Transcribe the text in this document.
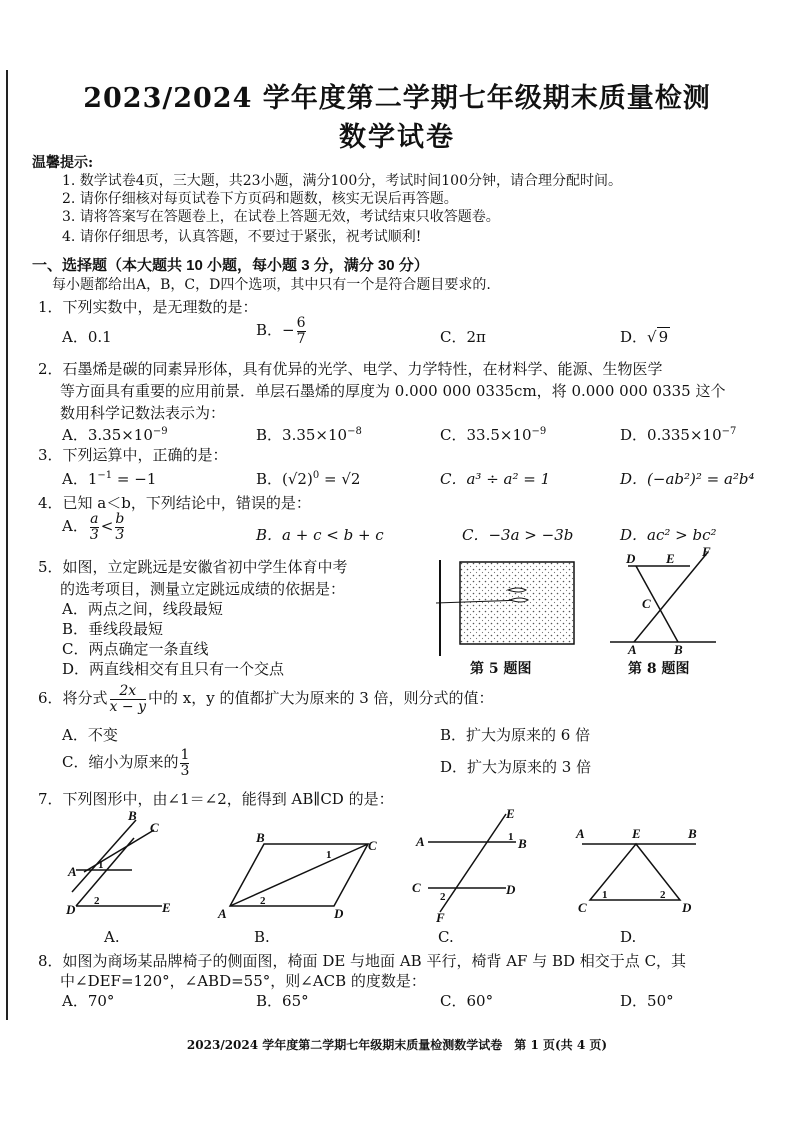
2023/2024 学年度第二学期七年级期末质量检测
数学试卷
温馨提示:
1. 数学试卷4页，三大题，共23小题，满分100分，考试时间100分钟，请合理分配时间。
2. 请你仔细核对每页试卷下方页码和题数，核实无误后再答题。
3. 请将答案写在答题卷上，在试卷上答题无效，考试结束只收答题卷。
4. 请你仔细思考，认真答题，不要过于紧张，祝考试顺利!
一、选择题（本大题共 10 小题，每小题 3 分，满分 30 分）
每小题都给出A，B，C，D四个选项，其中只有一个是符合题目要求的.
1．下列实数中，是无理数的是：
A．0.1	B．− $\frac{6}{7}$	C．2π	D．√ 9
2．石墨烯是碳的同素异形体，具有优异的光学、电学、力学特性，在材料学、能源、生物医学
等方面具有重要的应用前景．单层石墨烯的厚度为 0.000 000 0335cm，将 0.000 000 0335 这个
数用科学记数法表示为：
A．$3.35\times 10^{-9}$	B．$3.35\times 10^{-8}$	C．$33.5\times 10^{-9}$	D．$0.335\times 10^{-7}$
3．下列运算中，正确的是：
A．$1^{-1} = -1$	B．$(√2)^0 = √2$	C．a³ ÷ a² = 1	D．(−ab²)² = a²b⁴
4．已知 a＜b，下列结论中，错误的是：
A． $\frac{a}{3} < \frac{b}{3}$	B．a + c < b + c	C．−3a > −3b	D．ac² > bc²
5．如图，立定跳远是安徽省初中学生体育中考
的选考项目，测量立定跳远成绩的依据是：
A．两点之间，线段最短
B．垂线段最短
C．两点确定一条直线
D．两直线相交有且只有一个交点	第 5 题图
D E F
C
A	B
第 8 题图
6．将分式 $\frac{2x}{x - y}$ 中的 x，y 的值都扩大为原来的 3 倍，则分式的值：
A．不变	B．扩大为原来的 6 倍
C．缩小为原来的 $\frac{1}{3}$	D．扩大为原来的 3 倍
7．下列图形中，由∠1＝∠2，能得到 AB∥CD 的是：
B
C
A
D	E
1
2
B
C
A	D
1
2
E
A	B
C	D
F
1
2
A	E	B
C	D
1	2
A.	B.	C.	D.
8．如图为商场某品牌椅子的侧面图，椅面 DE 与地面 AB 平行，椅背 AF 与 BD 相交于点 C，其
中∠DEF=120°，∠ABD=55°，则∠ACB 的度数是：
A．70°	B．65°	C．60°	D．50°
2023/2024 学年度第二学期七年级期末质量检测数学试卷　第 1 页(共 4 页)
